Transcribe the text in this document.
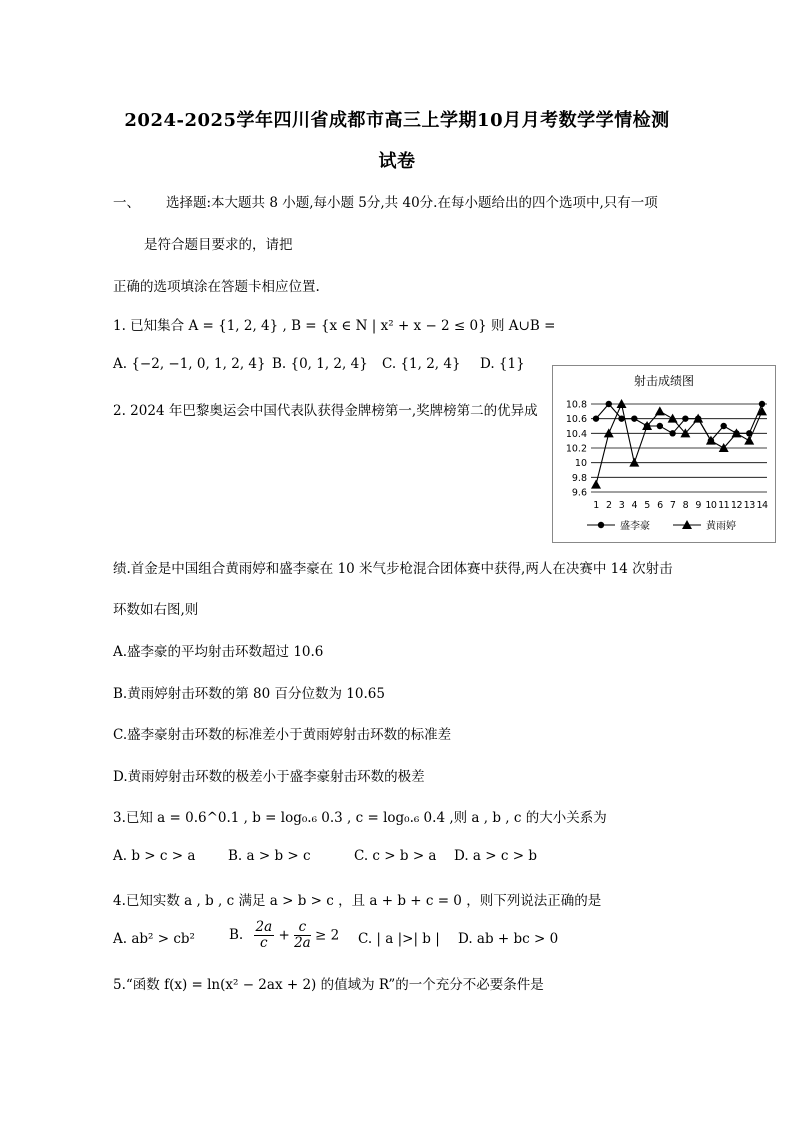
2024-2025学年四川省成都市高三上学期10月月考数学学情检测
试卷
一、 选择题:本大题共 8 小题,每小题 5分,共 40分.在每小题给出的四个选项中,只有一项
是符合题目要求的，请把
正确的选项填涂在答题卡相应位置.
1. 已知集合 A = {1, 2, 4} , B = {x ∈ N | x² + x − 2 ≤ 0} 则 A∪B =
A. {−2, −1, 0, 1, 2, 4} B. {0, 1, 2, 4} C. {1, 2, 4} D. {1}
2. 2024 年巴黎奥运会中国代表队获得金牌榜第一,奖牌榜第二的优异成
射击成绩图
10.8
10.6
10.4
10.2
10
9.8
9.6
1 2 3 4 5 6 7 8 9 10 11 12 13 14
盛李豪	黄雨婷
绩.首金是中国组合黄雨婷和盛李豪在 10 米气步枪混合团体赛中获得,两人在决赛中 14 次射击
环数如右图,则
A.盛李豪的平均射击环数超过 10.6
B.黄雨婷射击环数的第 80 百分位数为 10.65
C.盛李豪射击环数的标准差小于黄雨婷射击环数的标准差
D.黄雨婷射击环数的极差小于盛李豪射击环数的极差
3.已知 a = 0.6^0.1 , b = log₀.₆ 0.3 , c = log₀.₆ 0.4 ,则 a , b , c 的大小关系为
A. b > c > a B. a > b > c	C. c > b > a D. a > c > b
4.已知实数 a , b , c 满足 a > b > c ，且 a + b + c = 0 ，则下列说法正确的是
A. ab² > cb²	B. $\frac{2a}{c} + \frac{c}{2a} \ge 2$ C. | a |>| b | D. ab + bc > 0
5.“函数 f(x) = ln(x² − 2ax + 2) 的值域为 R”的一个充分不必要条件是
